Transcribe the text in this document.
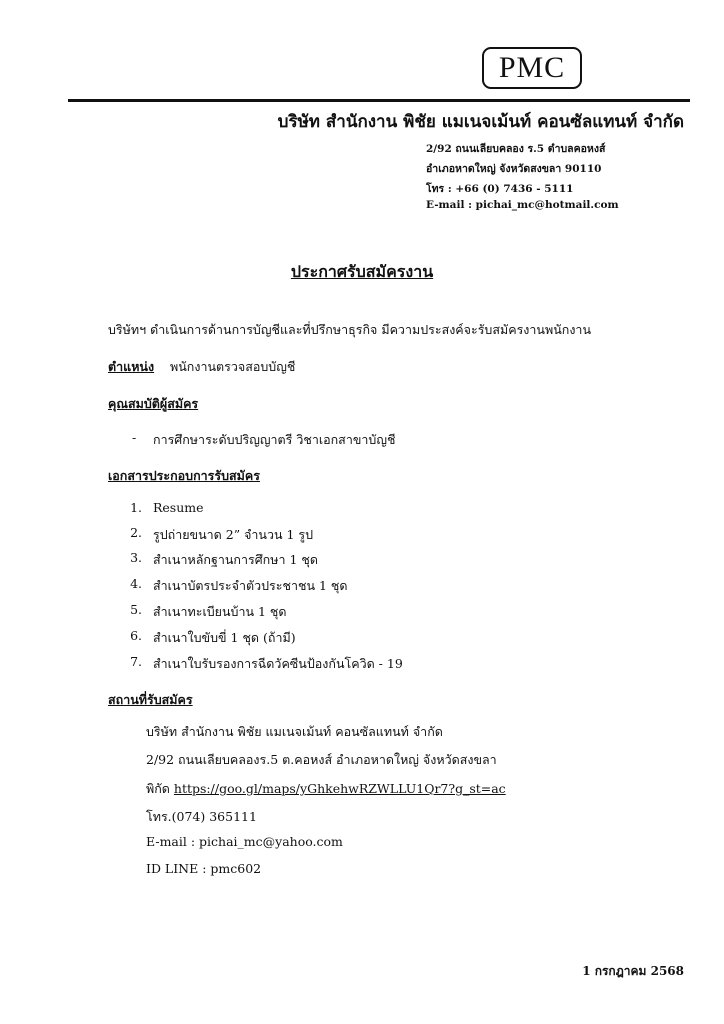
PMC
บริษัท สำนักงาน พิชัย แมเนจเม้นท์ คอนซัลแทนท์ จำกัด
2/92 ถนนเลียบคลอง ร.5 ตำบลคอหงส์
อำเภอหาดใหญ่ จังหวัดสงขลา 90110
โทร : +66 (0) 7436 - 5111
E-mail : pichai_mc@hotmail.com
ประกาศรับสมัครงาน
บริษัทฯ ดำเนินการด้านการบัญชีและที่ปรึกษาธุรกิจ มีความประสงค์จะรับสมัครงานพนักงาน
ตำแหน่ง พนักงานตรวจสอบบัญชี
คุณสมบัติผู้สมัคร
- การศึกษาระดับปริญญาตรี วิชาเอกสาขาบัญชี
เอกสารประกอบการรับสมัคร
1. Resume
2. รูปถ่ายขนาด 2” จำนวน 1 รูป
3. สำเนาหลักฐานการศึกษา 1 ชุด
4. สำเนาบัตรประจำตัวประชาชน 1 ชุด
5. สำเนาทะเบียนบ้าน 1 ชุด
6. สำเนาใบขับขี่ 1 ชุด (ถ้ามี)
7. สำเนาใบรับรองการฉีดวัคซีนป้องกันโควิด - 19
สถานที่รับสมัคร
บริษัท สำนักงาน พิชัย แมเนจเม้นท์ คอนซัลแทนท์ จำกัด
2/92 ถนนเลียบคลองร.5 ต.คอหงส์ อำเภอหาดใหญ่ จังหวัดสงขลา
พิกัด https://goo.gl/maps/yGhkehwRZWLLU1Qr7?g_st=ac
โทร.(074) 365111
E-mail : pichai_mc@yahoo.com
ID LINE : pmc602
1 กรกฎาคม 2568
